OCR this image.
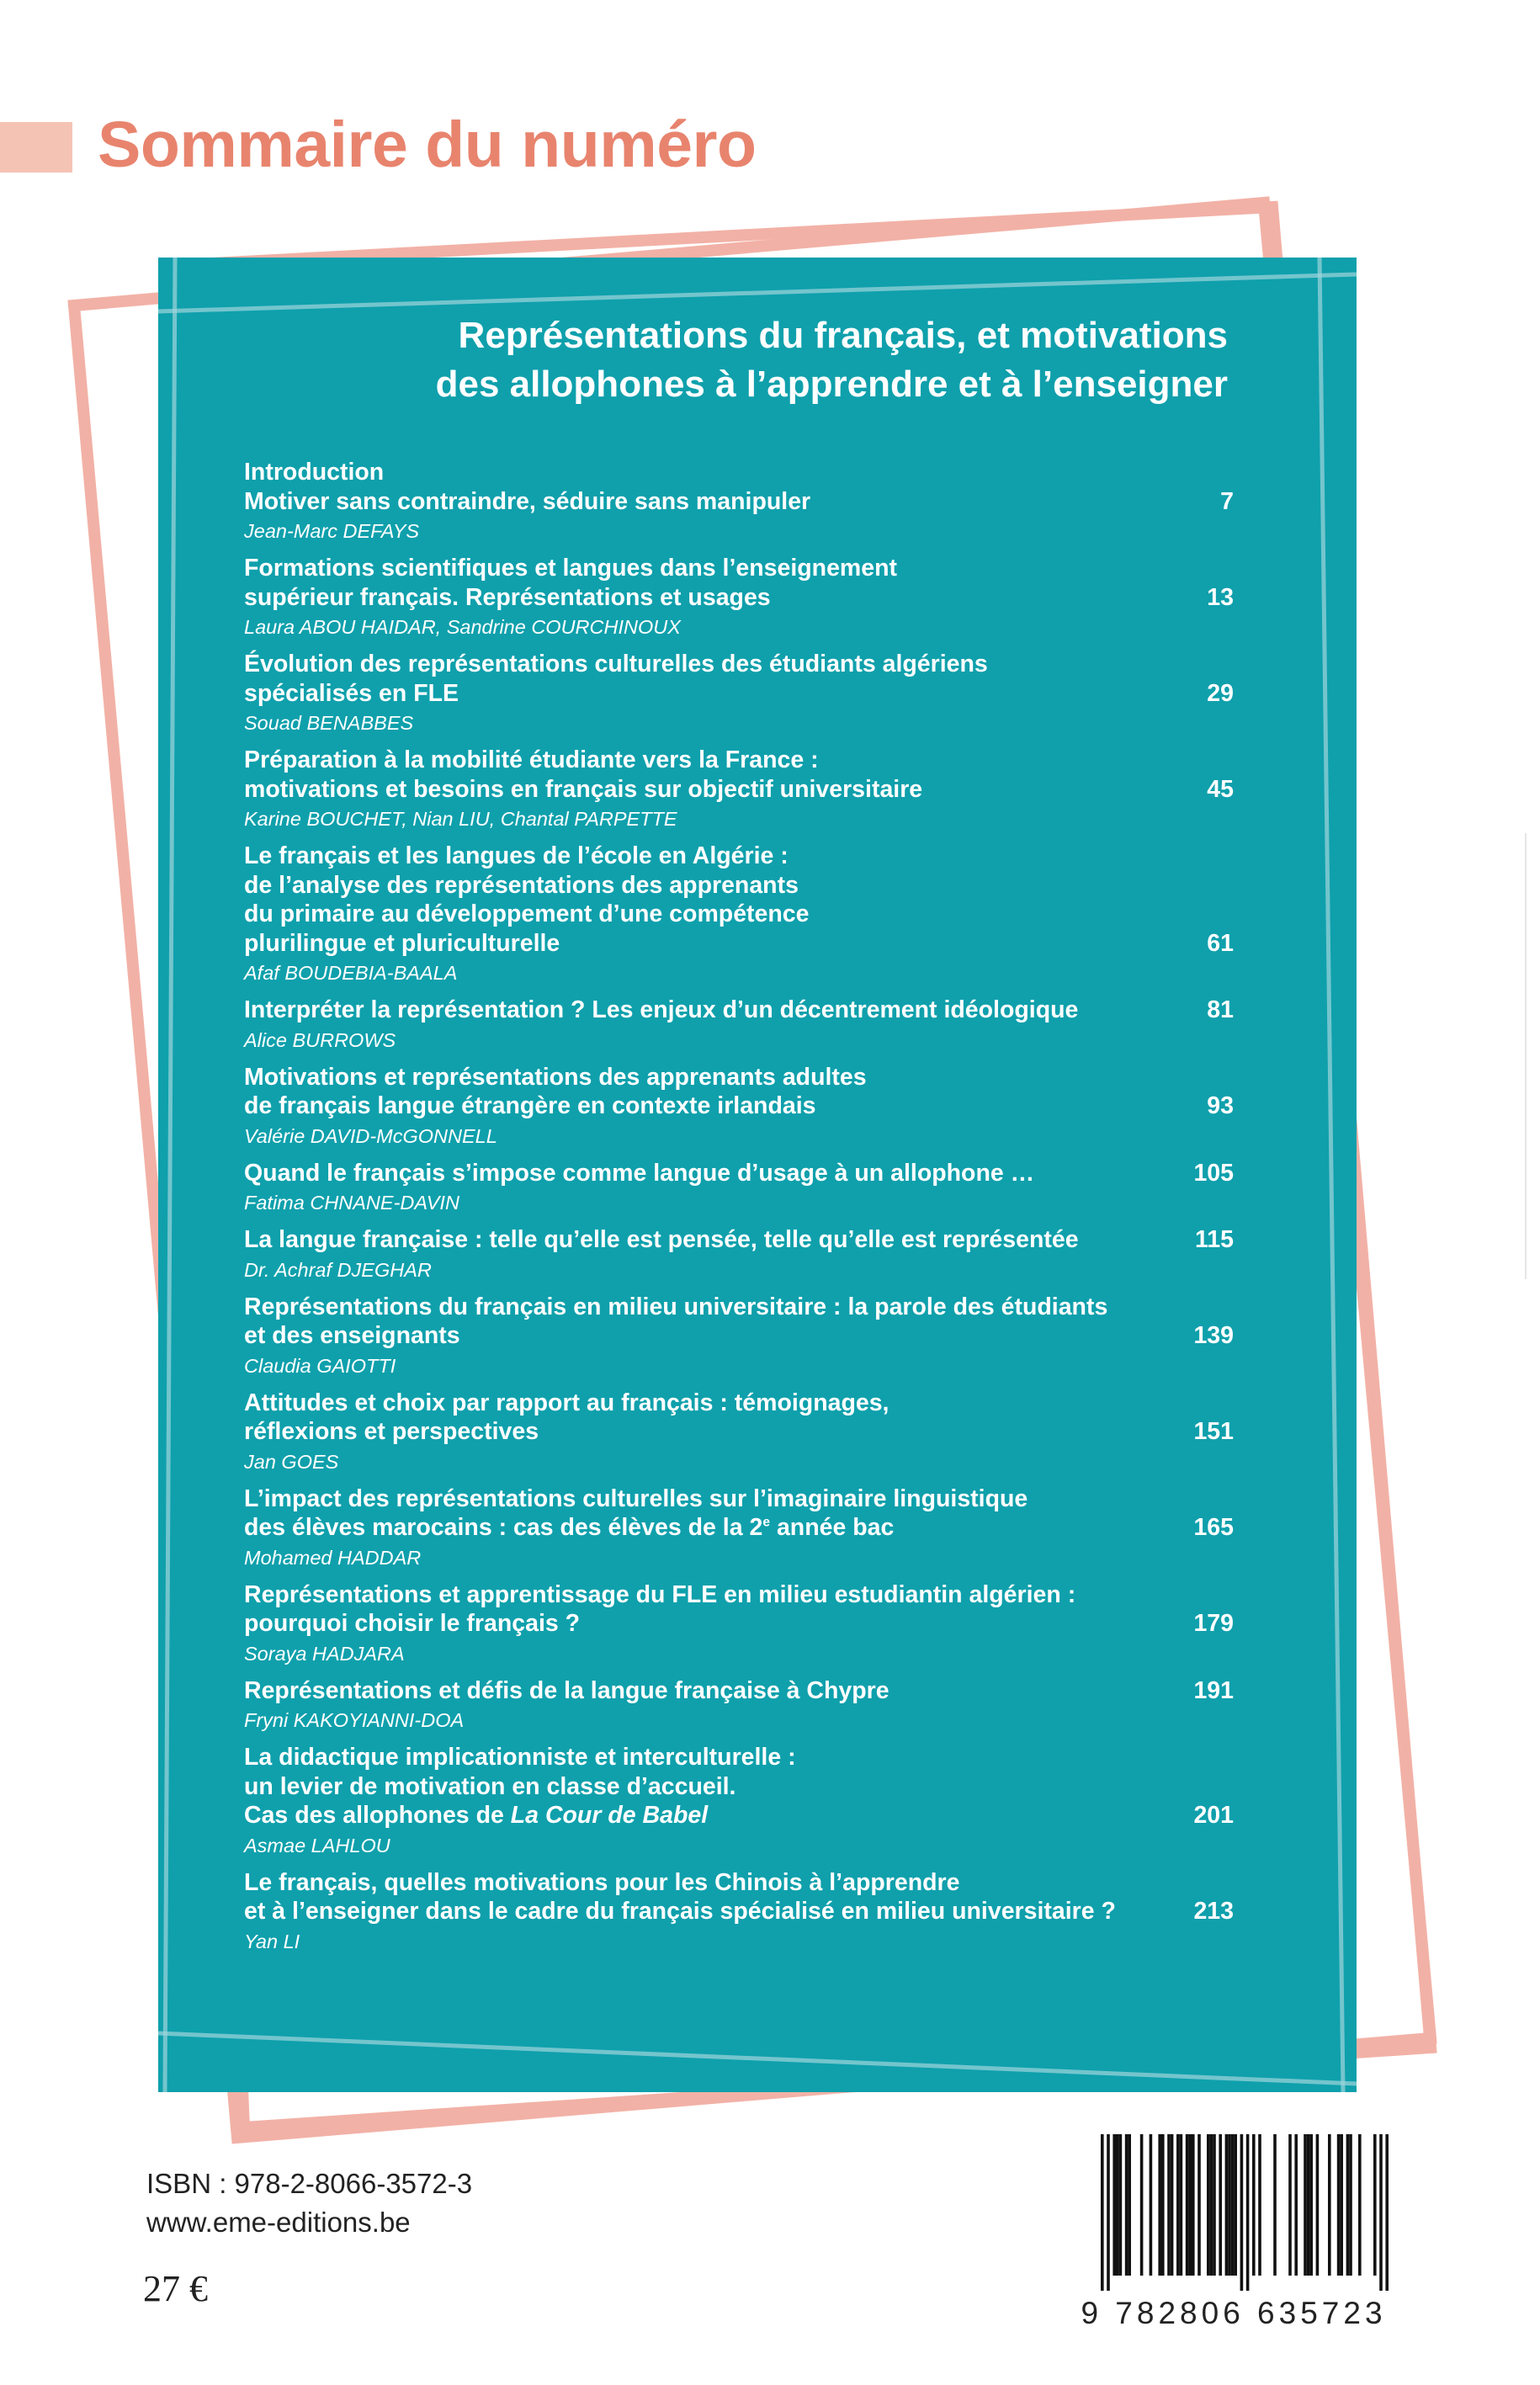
Sommaire du numéro
Représentations du français, et motivations
des allophones à l’apprendre et à l’enseigner
Introduction
Motiver sans contraindre, séduire sans manipuler	7
Jean-Marc DEFAYS
Formations scientifiques et langues dans l’enseignement
supérieur français. Représentations et usages	13
Laura ABOU HAIDAR, Sandrine COURCHINOUX
Évolution des représentations culturelles des étudiants algériens
spécialisés en FLE	29
Souad BENABBES
Préparation à la mobilité étudiante vers la France :
motivations et besoins en français sur objectif universitaire	45
Karine BOUCHET, Nian LIU, Chantal PARPETTE
Le français et les langues de l’école en Algérie :
de l’analyse des représentations des apprenants
du primaire au développement d’une compétence
plurilingue et pluriculturelle	61
Afaf BOUDEBIA-BAALA
Interpréter la représentation ? Les enjeux d’un décentrement idéologique	81
Alice BURROWS
Motivations et représentations des apprenants adultes
de français langue étrangère en contexte irlandais	93
Valérie DAVID-McGONNELL
Quand le français s’impose comme langue d’usage à un allophone …	105
Fatima CHNANE-DAVIN
La langue française : telle qu’elle est pensée, telle qu’elle est représentée	115
Dr. Achraf DJEGHAR
Représentations du français en milieu universitaire : la parole des étudiants
et des enseignants	139
Claudia GAIOTTI
Attitudes et choix par rapport au français : témoignages,
réflexions et perspectives	151
Jan GOES
L’impact des représentations culturelles sur l’imaginaire linguistique
des élèves marocains : cas des élèves de la 2e année bac	165
Mohamed HADDAR
Représentations et apprentissage du FLE en milieu estudiantin algérien :
pourquoi choisir le français ?	179
Soraya HADJARA
Représentations et défis de la langue française à Chypre	191
Fryni KAKOYIANNI-DOA
La didactique implicationniste et interculturelle :
un levier de motivation en classe d’accueil.
Cas des allophones de La Cour de Babel	201
Asmae LAHLOU
Le français, quelles motivations pour les Chinois à l’apprendre
et à l’enseigner dans le cadre du français spécialisé en milieu universitaire ?	213
Yan LI
ISBN : 978-2-8066-3572-3
www.eme-editions.be
27 €
9 782806 635723
